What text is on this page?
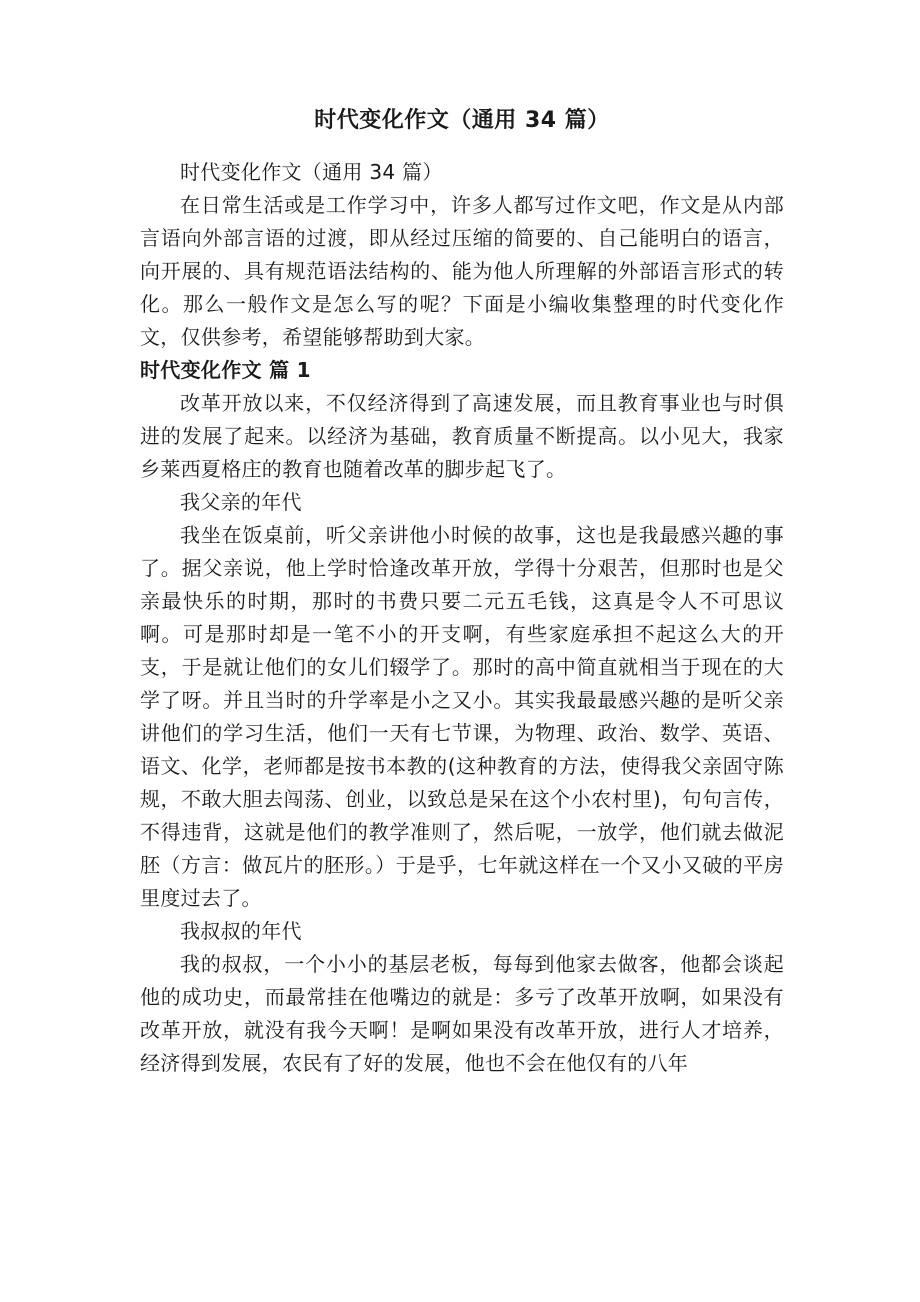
时代变化作文（通用 34 篇）

时代变化作文（通用 34 篇）

在日常生活或是工作学习中，许多人都写过作文吧，作文是从内部言语向外部言语的过渡，即从经过压缩的简要的、自己能明白的语言，向开展的、具有规范语法结构的、能为他人所理解的外部语言形式的转化。那么一般作文是怎么写的呢？下面是小编收集整理的时代变化作文，仅供参考，希望能够帮助到大家。

时代变化作文 篇 1

改革开放以来，不仅经济得到了高速发展，而且教育事业也与时俱进的发展了起来。以经济为基础，教育质量不断提高。以小见大，我家乡莱西夏格庄的教育也随着改革的脚步起飞了。

我父亲的年代

我坐在饭桌前，听父亲讲他小时候的故事，这也是我最感兴趣的事了。据父亲说，他上学时恰逢改革开放，学得十分艰苦，但那时也是父亲最快乐的时期，那时的书费只要二元五毛钱，这真是令人不可思议啊。可是那时却是一笔不小的开支啊，有些家庭承担不起这么大的开支，于是就让他们的女儿们辍学了。那时的高中简直就相当于现在的大学了呀。并且当时的升学率是小之又小。其实我最最感兴趣的是听父亲讲他们的学习生活，他们一天有七节课，为物理、政治、数学、英语、语文、化学，老师都是按书本教的(这种教育的方法，使得我父亲固守陈规，不敢大胆去闯荡、创业，以致总是呆在这个小农村里)，句句言传，不得违背，这就是他们的教学准则了，然后呢，一放学，他们就去做泥胚（方言：做瓦片的胚形。）于是乎，七年就这样在一个又小又破的平房里度过去了。

我叔叔的年代

我的叔叔，一个小小的基层老板，每每到他家去做客，他都会谈起他的成功史，而最常挂在他嘴边的就是：多亏了改革开放啊，如果没有改革开放，就没有我今天啊！是啊如果没有改革开放，进行人才培养，经济得到发展，农民有了好的发展，他也不会在他仅有的八年
